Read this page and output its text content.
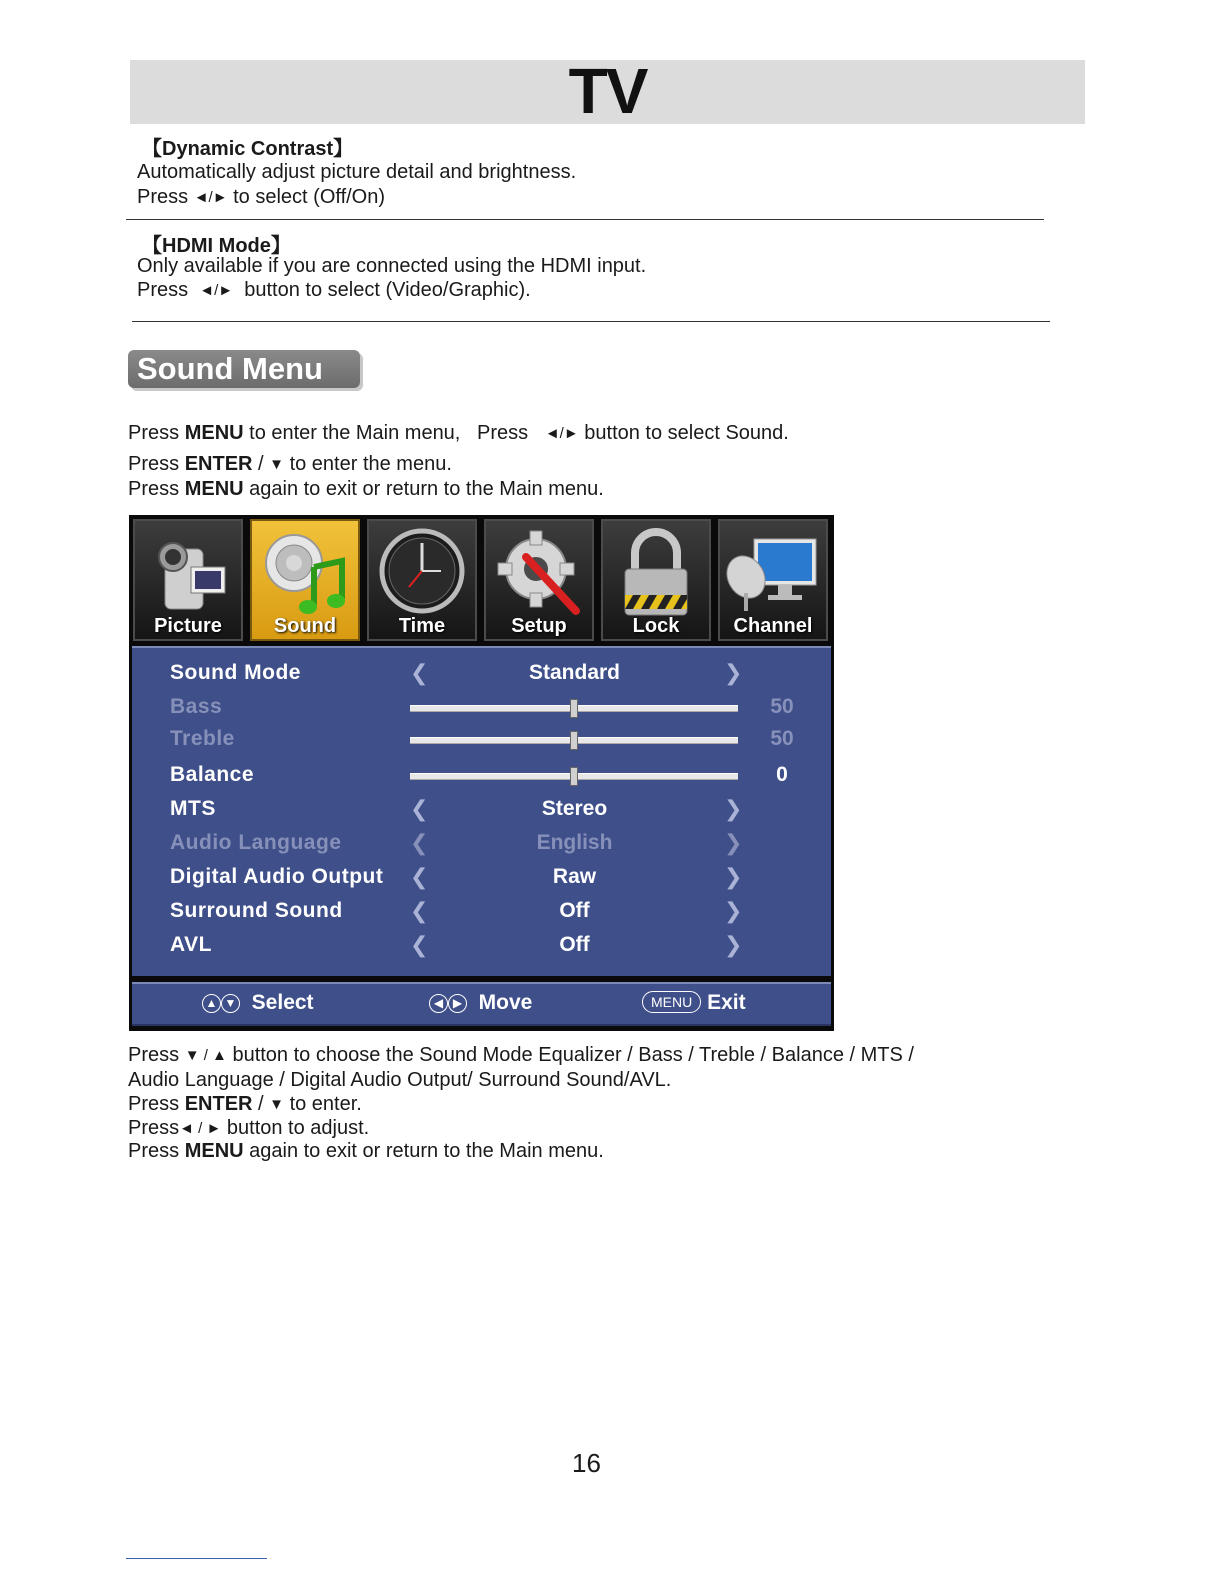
TV
【Dynamic Contrast】
Automatically adjust picture detail and brightness.
Press ◄/► to select (Off/On)
【HDMI Mode】
Only available if you are connected using the HDMI input.
Press  ◄/►  button to select (Video/Graphic).
Sound Menu
Press MENU to enter the Main menu,   Press   ◄/► button to select Sound.
Press ENTER / ▼ to enter the menu.
Press MENU again to exit or return to the Main menu.
Picture	Sound	Time	Setup	Lock	Channel
Sound Mode	❮	Standard	❯
Bass	50
Treble	50
Balance	0
MTS	❮	Stereo	❯
Audio Language	❮	English	❯
Digital Audio Output ❮	Raw	❯
Surround Sound	❮	Off	❯
AVL	❮	Off	❯
▲ ▼ Select	◀ ▶ Move	MENU Exit
Press ▼ / ▲ button to choose the Sound Mode Equalizer / Bass / Treble / Balance / MTS /
Audio Language / Digital Audio Output/ Surround Sound/AVL.
Press ENTER / ▼ to enter.
Press◄ / ► button to adjust.
Press MENU again to exit or return to the Main menu.
16
